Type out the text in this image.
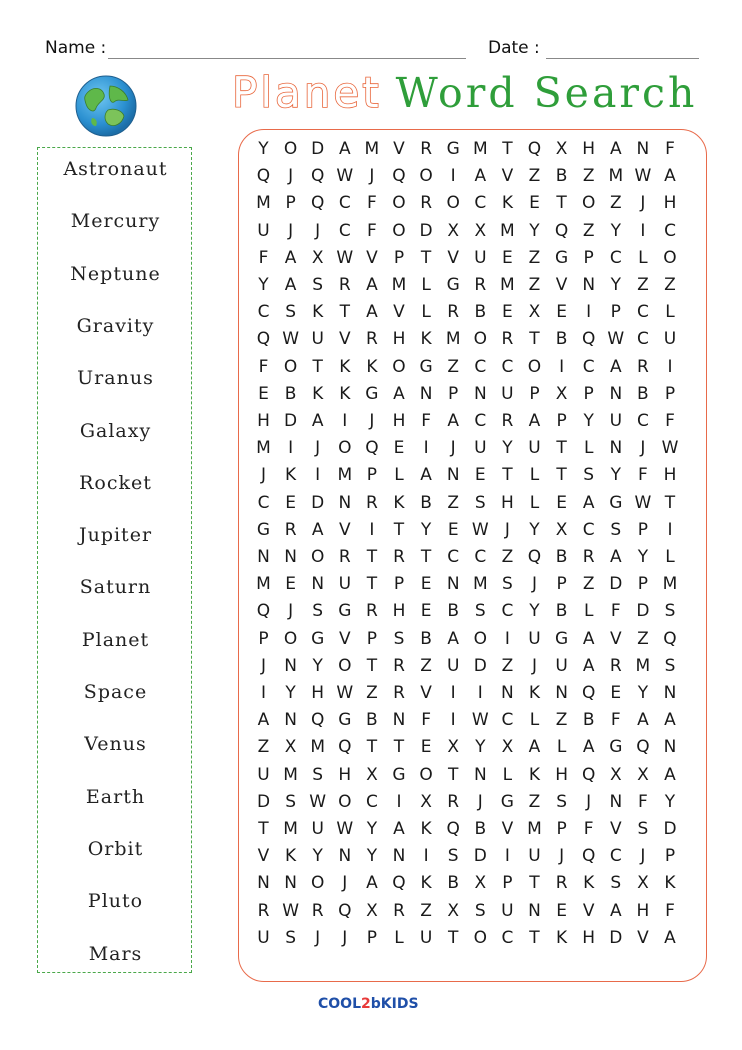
Name :	Date :
Planet Word Search
Astronaut
Mercury
Neptune
Gravity
Uranus
Galaxy
Rocket
Jupiter
Saturn
Planet
Space
Venus
Earth
Orbit
Pluto
Mars
Y O D A M V R G M T Q X H A N F
Q	J	Q W J	Q O	I	A V Z B Z M W A
M P Q C F O R O C K E T O Z	J	H
U	J	J	C F O D X X M Y Q Z Y	I	C
F A X W V P T V U E Z G P C L O
Y A S R A M L G R M Z V N Y Z Z
C S K T A V L R B E X E	I	P C L
Q W U V R H K M O R T B Q W C U
F O T K K O G Z C C O	I	C A R	I
E B K K G A N P N U P X P N B P
H D A	I	J	H F A C R A P Y U C F
M	I	J	O Q E	I	J	U Y U T	L N	J W
J	K	I	M P	L A N E T	L	T S Y	F H
C E D N R K B Z S H L E A G W T
G R A V	I	T Y E W J	Y X C S P	I
N N O R T R T C C Z Q B R A Y	L
M E N U T P E N M S	J	P Z D P M
Q	J	S G R H E B S C Y B L	F D S
P O G V P S B A O	I	U G A V Z Q
J	N Y O T R Z U D Z	J	U A R M S
I	Y H W Z R V	I	I	N K N Q E Y N
A N Q G B N F	I W C L Z B F A A
Z X M Q T T E X Y X A L A G Q N
U M S H X G O T N L K H Q X X A
D S W O C	I	X R	J	G Z S	J	N F	Y
T M U W Y A K Q B V M P	F V S D
V K Y N Y N	I	S D	I	U	J	Q C	J	P
N N O	J	A Q K B X P T R K S X K
R W R Q X R Z X S U N E V A H F
U S	J	J	P	L U T O C T K H D V A
COOL2bKIDS
